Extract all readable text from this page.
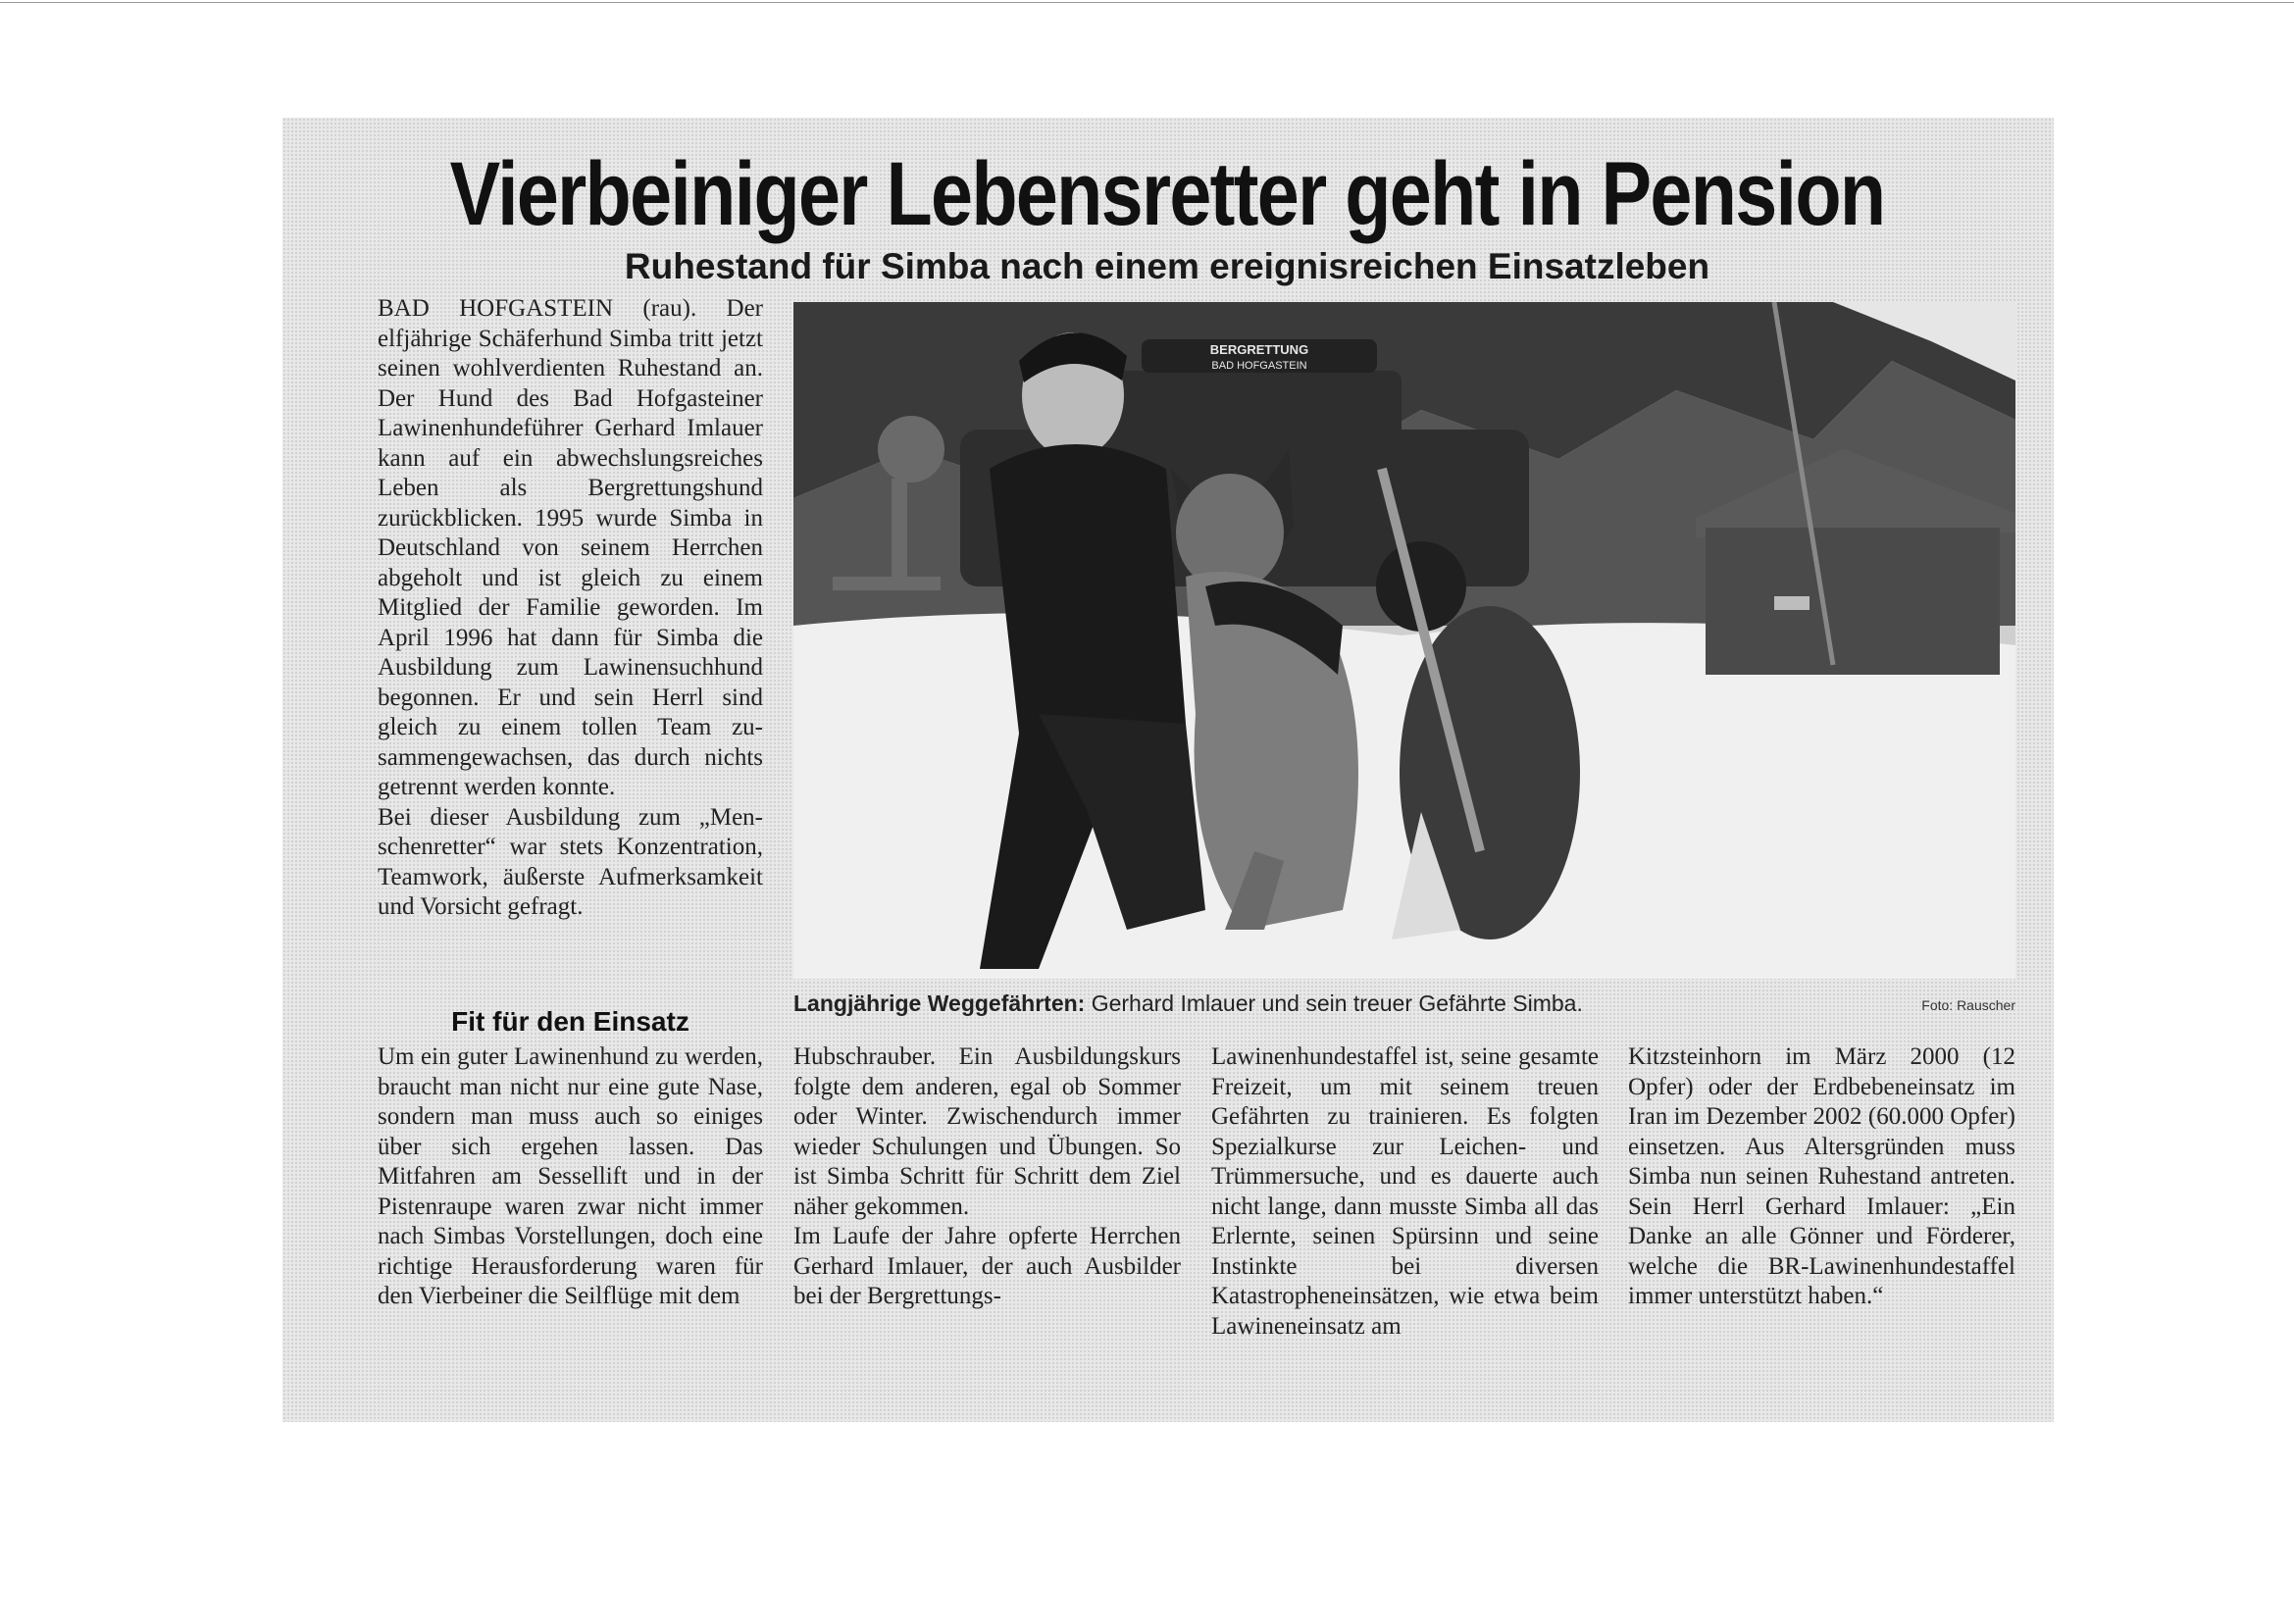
Vierbeiniger Lebensretter geht in Pension
Ruhestand für Simba nach einem ereignisreichen Einsatzleben

BAD HOFGASTEIN (rau). Der elfjährige Schäferhund Simba tritt jetzt seinen wohlverdienten Ruhestand an. Der Hund des Bad Hofgasteiner Lawinenhundeführer Gerhard Imlauer kann auf ein abwechslungsreiches Leben als Bergrettungshund zurückblicken. 1995 wurde Simba in Deutschland von seinem Herrchen abgeholt und ist gleich zu einem Mitglied der Familie geworden. Im April 1996 hat dann für Simba die Ausbildung zum Lawinensuchhund begonnen. Er und sein Herrl sind gleich zu einem tollen Team zusammengewachsen, das durch nichts getrennt werden konnte.

Bei dieser Ausbildung zum „Menschenretter“ war stets Konzentration, Teamwork, äußerste Aufmerksamkeit und Vorsicht gefragt.

Fit für den Einsatz
BERGRETTUNG
BAD HOFGASTEIN

Langjährige Weggefährten: Gerhard Imlauer und sein treuer Gefährte Simba.	Foto: Rauscher

Um ein guter Lawinenhund zu werden, braucht man nicht nur eine gute Nase, sondern man muss auch so einiges über sich ergehen lassen. Das Mitfahren am Sessellift und in der Pistenraupe waren zwar nicht immer nach Simbas Vorstellungen, doch eine richtige Herausforderung waren für den Vierbeiner die Seilflüge mit dem

Hubschrauber. Ein Ausbildungskurs folgte dem anderen, egal ob Sommer oder Winter. Zwischendurch immer wieder Schulungen und Übungen. So ist Simba Schritt für Schritt dem Ziel näher gekommen.

Im Laufe der Jahre opferte Herrchen Gerhard Imlauer, der auch Ausbilder bei der Bergrettungs-

Lawinenhundestaffel ist, seine gesamte Freizeit, um mit seinem treuen Gefährten zu trainieren. Es folgten Spezialkurse zur Leichen- und Trümmersuche, und es dauerte auch nicht lange, dann musste Simba all das Erlernte, seinen Spürsinn und seine Instinkte bei diversen Katastropheneinsätzen, wie etwa beim Lawineneinsatz am

Kitzsteinhorn im März 2000 (12 Opfer) oder der Erdbebeneinsatz im Iran im Dezember 2002 (60.000 Opfer) einsetzen. Aus Altersgründen muss Simba nun seinen Ruhestand antreten. Sein Herrl Gerhard Imlauer: „Ein Danke an alle Gönner und Förderer, welche die BR-Lawinenhundestaffel immer unterstützt haben.“
